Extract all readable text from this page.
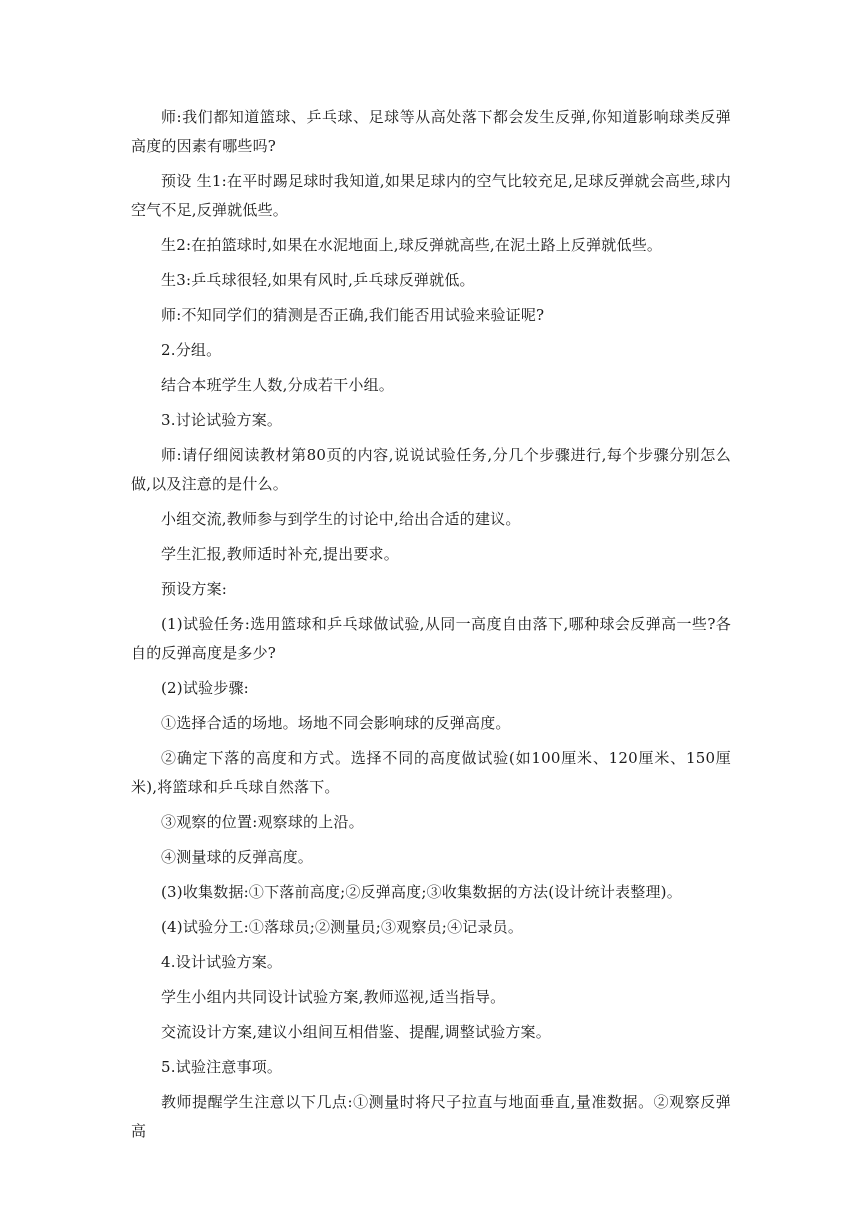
师:我们都知道篮球、乒乓球、足球等从高处落下都会发生反弹,你知道影响球类反弹高度的因素有哪些吗?

预设 生1:在平时踢足球时我知道,如果足球内的空气比较充足,足球反弹就会高些,球内空气不足,反弹就低些。

生2:在拍篮球时,如果在水泥地面上,球反弹就高些,在泥土路上反弹就低些。

生3:乒乓球很轻,如果有风时,乒乓球反弹就低。

师:不知同学们的猜测是否正确,我们能否用试验来验证呢?

2.分组。

结合本班学生人数,分成若干小组。

3.讨论试验方案。

师:请仔细阅读教材第80页的内容,说说试验任务,分几个步骤进行,每个步骤分别怎么做,以及注意的是什么。

小组交流,教师参与到学生的讨论中,给出合适的建议。

学生汇报,教师适时补充,提出要求。

预设方案:

(1)试验任务:选用篮球和乒乓球做试验,从同一高度自由落下,哪种球会反弹高一些?各自的反弹高度是多少?

(2)试验步骤:

①选择合适的场地。场地不同会影响球的反弹高度。

②确定下落的高度和方式。选择不同的高度做试验(如100厘米、120厘米、150厘米),将篮球和乒乓球自然落下。

③观察的位置:观察球的上沿。

④测量球的反弹高度。

(3)收集数据:①下落前高度;②反弹高度;③收集数据的方法(设计统计表整理)。

(4)试验分工:①落球员;②测量员;③观察员;④记录员。

4.设计试验方案。

学生小组内共同设计试验方案,教师巡视,适当指导。

交流设计方案,建议小组间互相借鉴、提醒,调整试验方案。

5.试验注意事项。

教师提醒学生注意以下几点:①测量时将尺子拉直与地面垂直,量准数据。②观察反弹高
